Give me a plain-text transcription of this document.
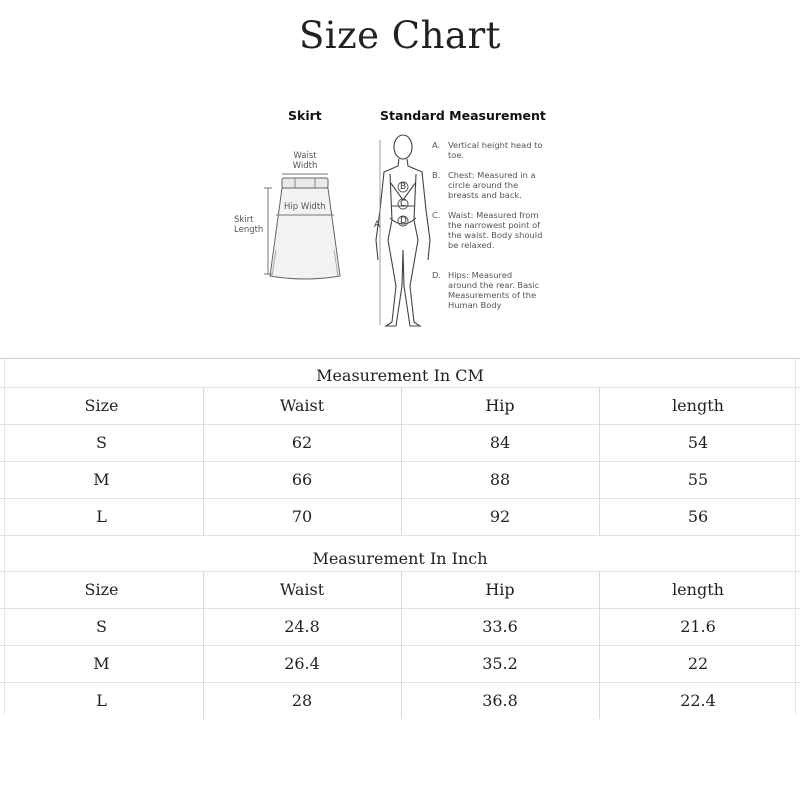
Size Chart
Skirt	Standard Measurement
Waist Width
Hip Width
Skirt Length	A
B
C
D
A. Vertical height head to toe.
B. Chest: Measured in a circle around the breasts and back.
C. Waist: Measured from the narrowest point of the waist. Body should be relaxed.
D. Hips: Measured around the rear. Basic Measurements of the Human Body
Measurement In CM
Size	Waist	Hip	length
S	62	84	54
M	66	88	55
L	70	92	56
Measurement In Inch
Size	Waist	Hip	length
S	24.8	33.6	21.6
M	26.4	35.2	22
L	28	36.8	22.4
